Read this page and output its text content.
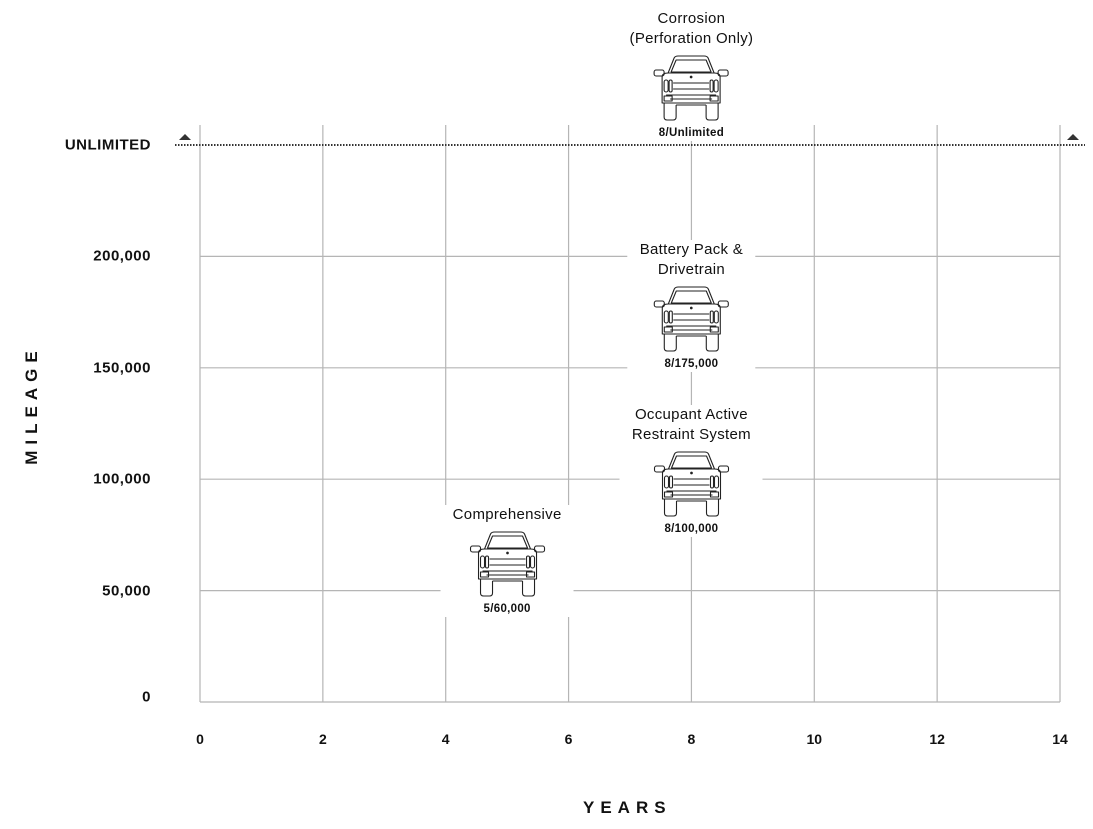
0	2	4	6	8	10	12	14
0
50,000
100,000
150,000
200,000
UNLIMITED
Corrosion
(Perforation Only)
8/Unlimited
Battery Pack &
Drivetrain
8/175,000
Occupant Active
Restraint System
8/100,000
Comprehensive
5/60,000
YEARS
MILEAGE
